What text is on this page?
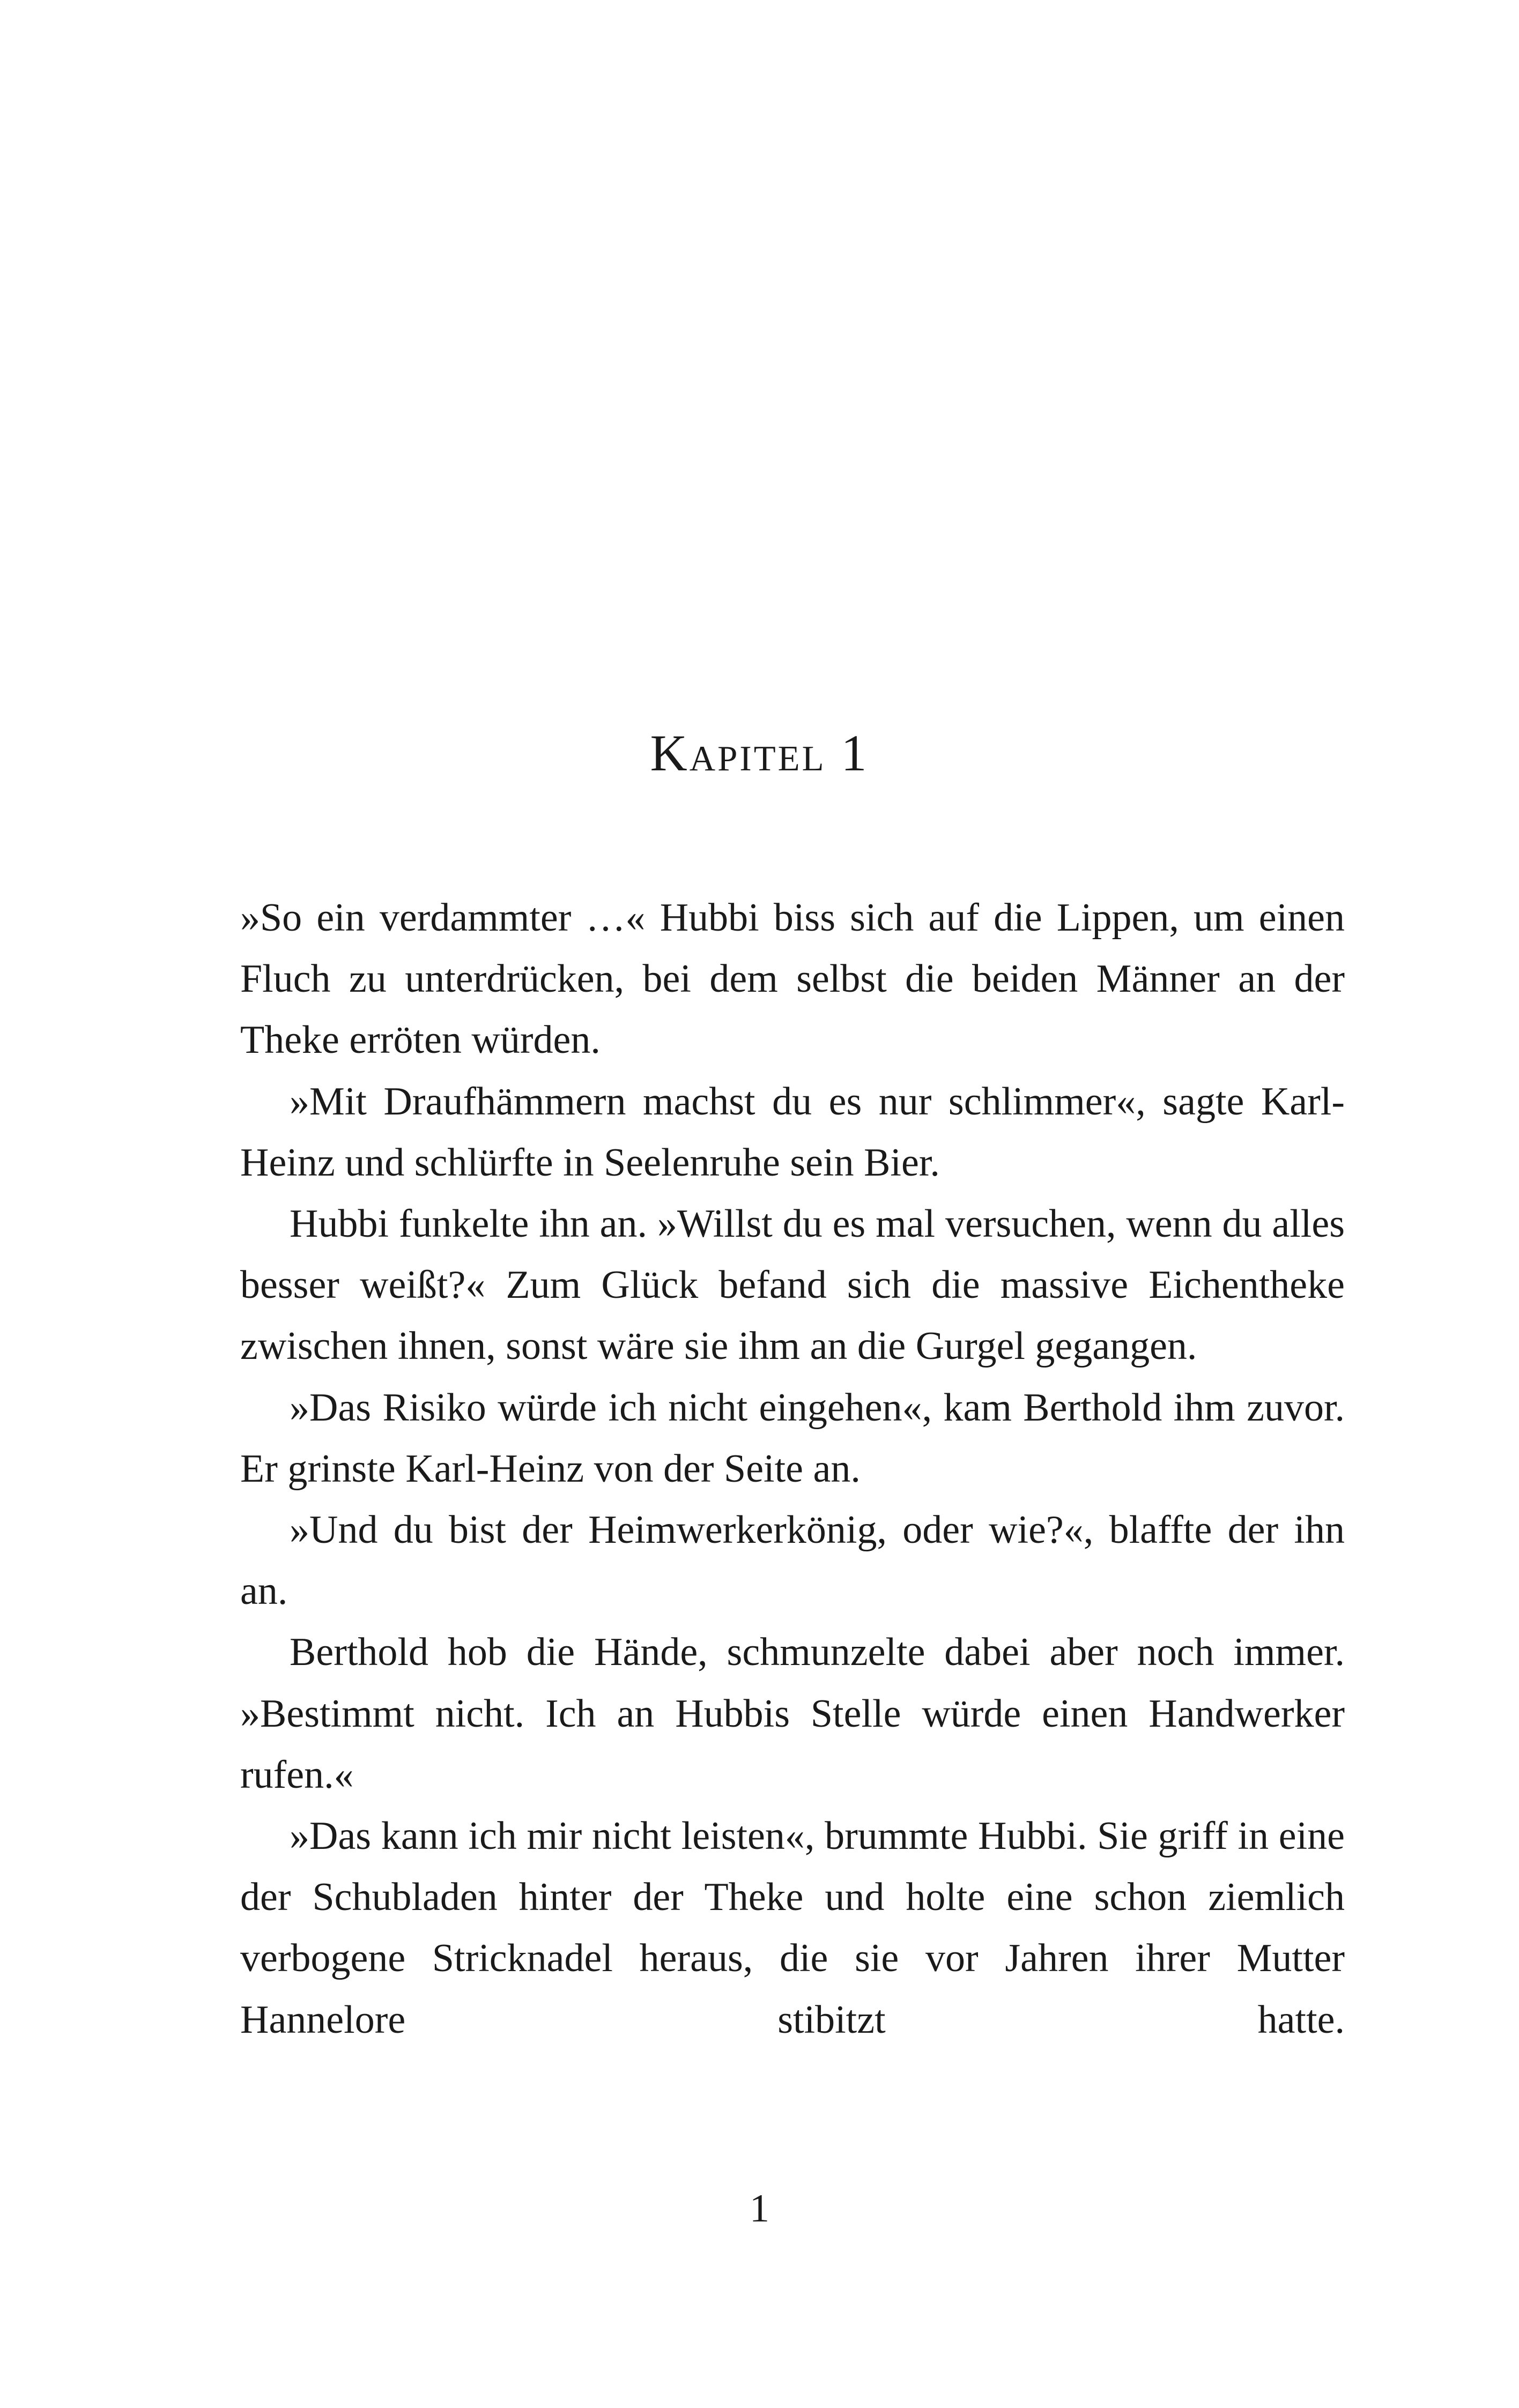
Kapitel 1

»So ein verdammter …« Hubbi biss sich auf die Lippen, um einen Fluch zu unterdrücken, bei dem selbst die beiden Männer an der Theke erröten würden.

»Mit Draufhämmern machst du es nur schlimmer«, sagte Karl-Heinz und schlürfte in Seelenruhe sein Bier.

Hubbi funkelte ihn an. »Willst du es mal versuchen, wenn du alles besser weißt?« Zum Glück befand sich die massive Eichentheke zwischen ihnen, sonst wäre sie ihm an die Gurgel gegangen.

»Das Risiko würde ich nicht eingehen«, kam Berthold ihm zuvor. Er grinste Karl-Heinz von der Seite an.

»Und du bist der Heimwerkerkönig, oder wie?«, blaffte der ihn an.

Berthold hob die Hände, schmunzelte dabei aber noch immer. »Bestimmt nicht. Ich an Hubbis Stelle würde einen Handwerker rufen.«

»Das kann ich mir nicht leisten«, brummte Hubbi. Sie griff in eine der Schubladen hinter der Theke und holte eine schon ziemlich verbogene Stricknadel heraus, die sie vor Jahren ihrer Mutter Hannelore stibitzt hatte.

1
